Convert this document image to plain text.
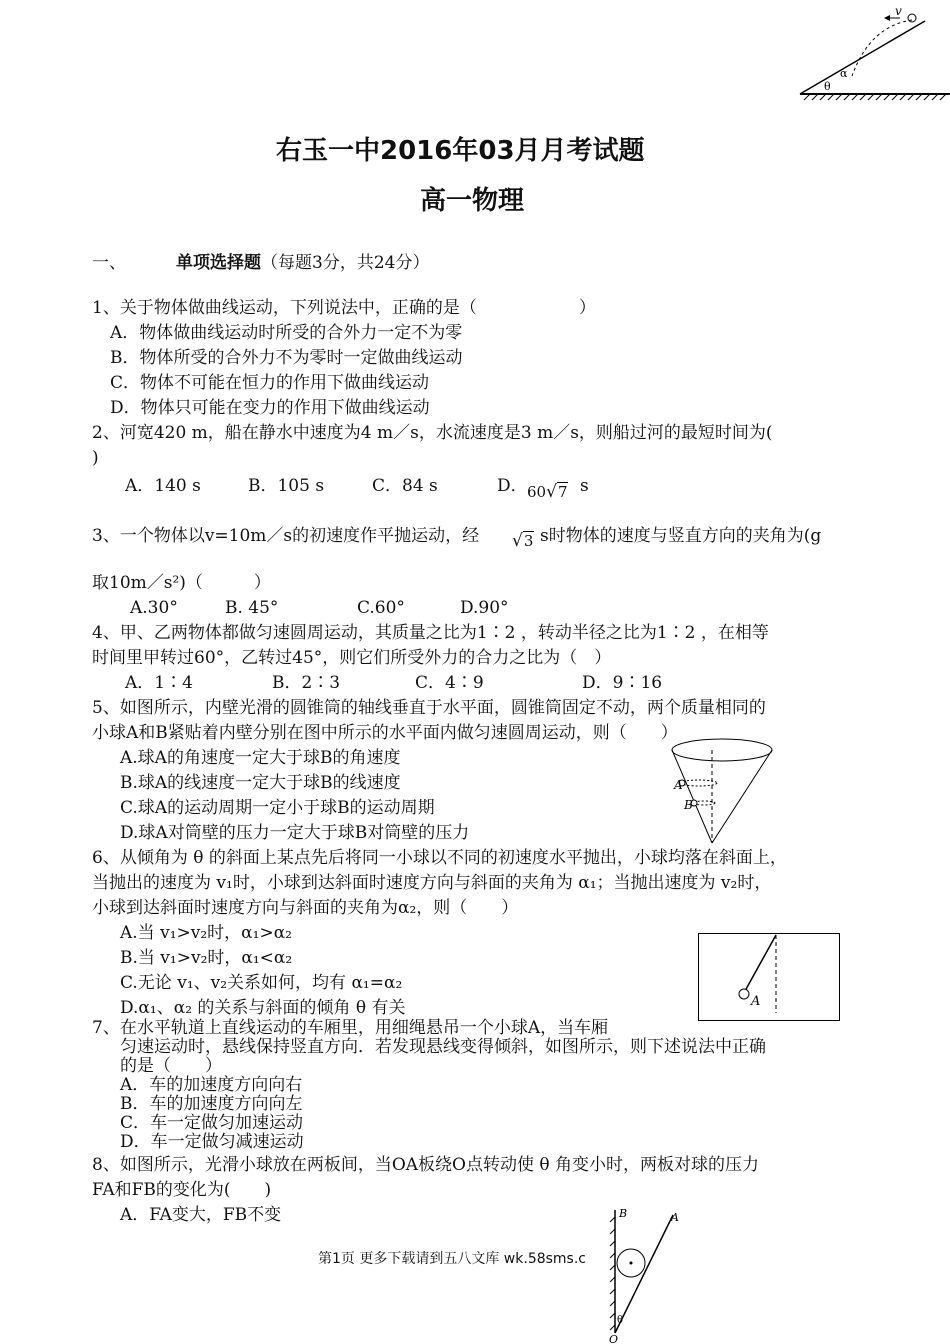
v
θ
α
右玉一中2016年03月月考试题
高一物理
一、	单项选择题（每题3分，共24分）
1、关于物体做曲线运动，下列说法中，正确的是（　　　　　　）
A．物体做曲线运动时所受的合外力一定不为零
B．物体所受的合外力不为零时一定做曲线运动
C．物体不可能在恒力的作用下做曲线运动
D．物体只可能在变力的作用下做曲线运动
2、河宽420 m，船在静水中速度为4 m／s，水流速度是3 m／s，则船过河的最短时间为(
)
A．140 s	B．105 s	C．84 s	D． 60√7 s
3、一个物体以v=10m／s的初速度作平抛运动，经 √3 s时物体的速度与竖直方向的夹角为(g
取10m／s²)（　　　）
A.30°	B. 45°	C.60°	D.90°
4、甲、乙两物体都做匀速圆周运动，其质量之比为1∶2 ，转动半径之比为1∶2 ，在相等
时间里甲转过60°，乙转过45°，则它们所受外力的合力之比为（　）
A．1∶4	B．2∶3	C．4∶9	D．9∶16
5、如图所示，内壁光滑的圆锥筒的轴线垂直于水平面，圆锥筒固定不动，两个质量相同的
小球A和B紧贴着内壁分别在图中所示的水平面内做匀速圆周运动，则（　　）
A.球A的角速度一定大于球B的角速度
B.球A的线速度一定大于球B的线速度
C.球A的运动周期一定小于球B的运动周期
D.球A对筒壁的压力一定大于球B对筒壁的压力
A
B
6、从倾角为 θ 的斜面上某点先后将同一小球以不同的初速度水平抛出，小球均落在斜面上，
当抛出的速度为 v₁时，小球到达斜面时速度方向与斜面的夹角为 α₁；当抛出速度为 v₂时，
小球到达斜面时速度方向与斜面的夹角为α₂，则（　　）
A.当 v₁>v₂时，α₁>α₂
B.当 v₁>v₂时，α₁<α₂
C.无论 v₁、v₂关系如何，均有 α₁=α₂
D.α₁、α₂ 的关系与斜面的倾角 θ 有关	A
7、在水平轨道上直线运动的车厢里，用细绳悬吊一个小球A，当车厢
匀速运动时，悬线保持竖直方向．若发现悬线变得倾斜，如图所示，则下述说法中正确
的是（　　）
A．车的加速度方向向右
B．车的加速度方向向左
C．车一定做匀加速运动
D．车一定做匀减速运动
8、如图所示，光滑小球放在两板间，当OA板绕O点转动使 θ 角变小时，两板对球的压力
FA和FB的变化为(　　)
A．FA变大，FB不变	B	A
O
θ
第1页 更多下载请到五八文库 wk.58sms.c
